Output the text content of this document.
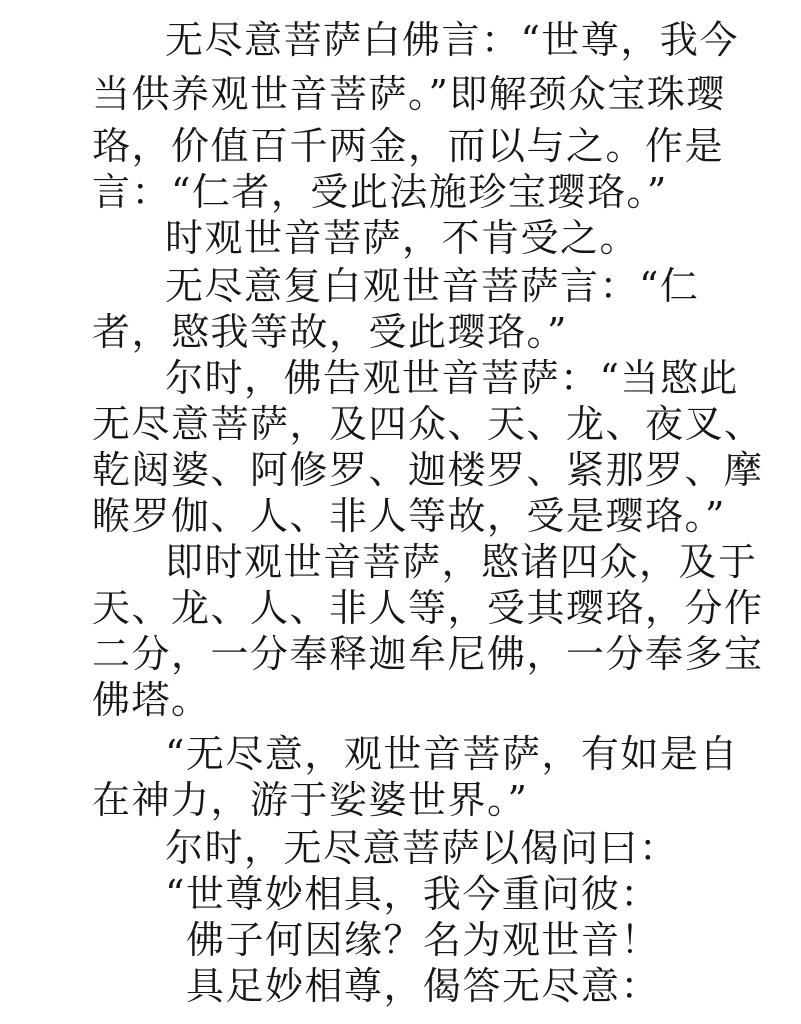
无尽意菩萨白佛言：“世尊，我今
当供养观世音菩萨。”即解颈众宝珠璎
珞，价值百千两金，而以与之。作是
言：“仁者，受此法施珍宝璎珞。”
时观世音菩萨，不肯受之。
无尽意复白观世音菩萨言：“仁
者，愍我等故，受此璎珞。”
尔时，佛告观世音菩萨：“当愍此
无尽意菩萨，及四众、天、龙、夜叉、
乾闼婆、阿修罗、迦楼罗、紧那罗、摩
睺罗伽、人、非人等故，受是璎珞。”
即时观世音菩萨，愍诸四众，及于
天、龙、人、非人等，受其璎珞，分作
二分，一分奉释迦牟尼佛，一分奉多宝
佛塔。
“无尽意，观世音菩萨，有如是自
在神力，游于娑婆世界。”
尔时，无尽意菩萨以偈问曰：
“世尊妙相具，我今重问彼：
佛子何因缘？名为观世音！
具足妙相尊，偈答无尽意：
